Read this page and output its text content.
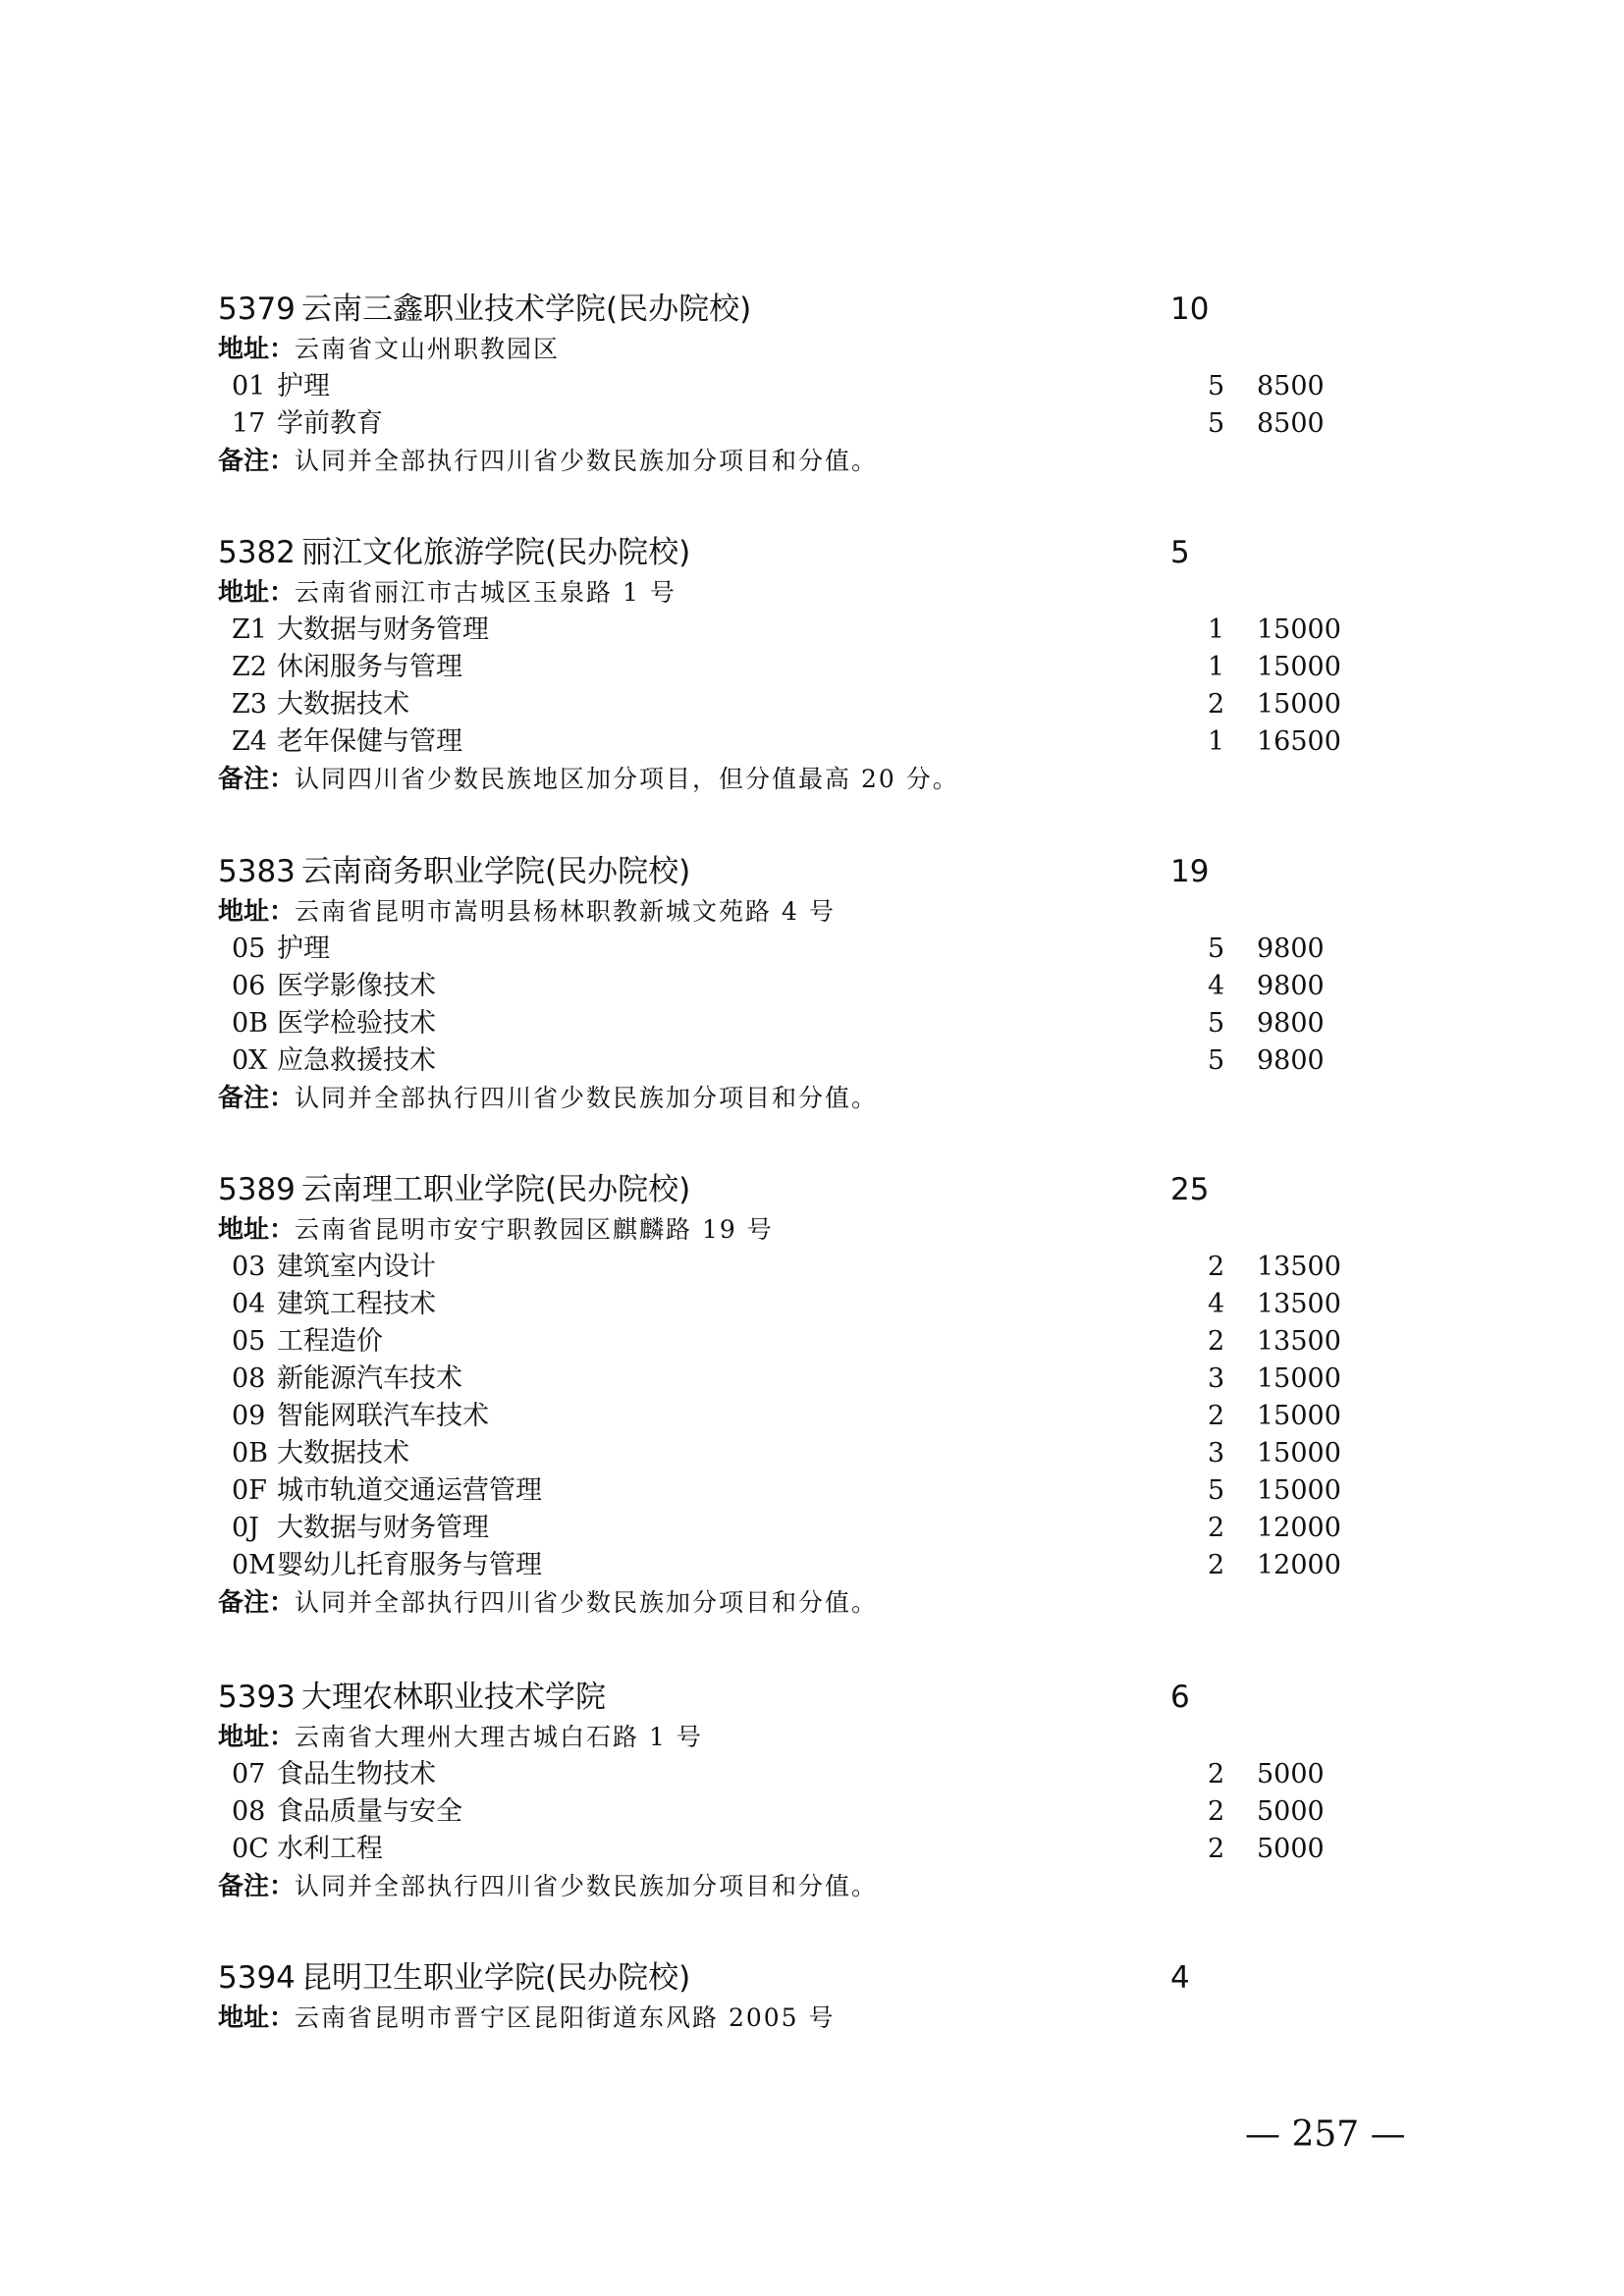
5379 云南三鑫职业技术学院(民办院校)	10
地址：云南省文山州职教园区
01 护理	5 8500
17 学前教育	5 8500
备注：认同并全部执行四川省少数民族加分项目和分值。
5382 丽江文化旅游学院(民办院校)	5
地址：云南省丽江市古城区玉泉路 1 号
Z1 大数据与财务管理	1 15000
Z2 休闲服务与管理	1 15000
Z3 大数据技术	2 15000
Z4 老年保健与管理	1 16500
备注：认同四川省少数民族地区加分项目，但分值最高 20 分。
5383 云南商务职业学院(民办院校)	19
地址：云南省昆明市嵩明县杨林职教新城文苑路 4 号
05 护理	5 9800
06 医学影像技术	4 9800
0B 医学检验技术	5 9800
0X 应急救援技术	5 9800
备注：认同并全部执行四川省少数民族加分项目和分值。
5389 云南理工职业学院(民办院校)	25
地址：云南省昆明市安宁职教园区麒麟路 19 号
03 建筑室内设计	2 13500
04 建筑工程技术	4 13500
05 工程造价	2 13500
08 新能源汽车技术	3 15000
09 智能网联汽车技术	2 15000
0B 大数据技术	3 15000
0F 城市轨道交通运营管理	5 15000
0J 大数据与财务管理	2 12000
0M 婴幼儿托育服务与管理	2 12000
备注：认同并全部执行四川省少数民族加分项目和分值。
5393 大理农林职业技术学院	6
地址：云南省大理州大理古城白石路 1 号
07 食品生物技术	2 5000
08 食品质量与安全	2 5000
0C 水利工程	2 5000
备注：认同并全部执行四川省少数民族加分项目和分值。
5394 昆明卫生职业学院(民办院校)	4
地址：云南省昆明市晋宁区昆阳街道东风路 2005 号
— 257 —
